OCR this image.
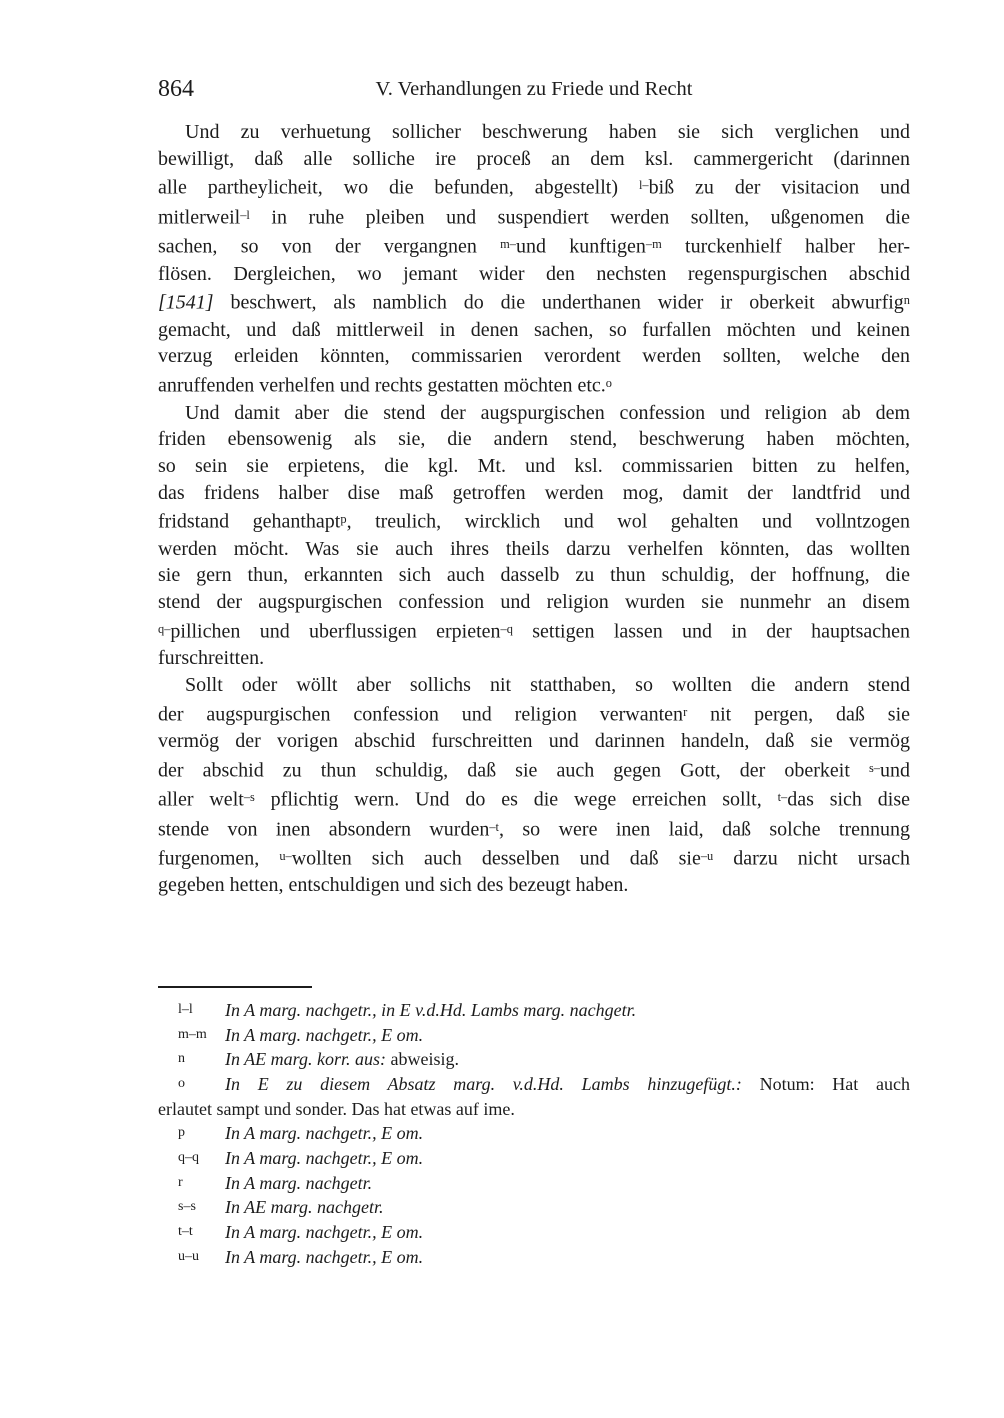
864	V. Verhandlungen zu Friede und Recht
Und zu verhuetung sollicher beschwerung haben sie sich verglichen und
bewilligt, daß alle solliche ire proceß an dem ksl. cammergericht (darinnen
alle partheylicheit, wo die befunden, abgestellt) $^{l-}$biß zu der visitacion und
mitlerweil$^{-l}$ in ruhe pleiben und suspendiert werden sollten, ußgenomen die
sachen, so von der vergangnen $^{m-}$und kunftigen$^{-m}$ turckenhielf halber her-
flösen. Dergleichen, wo jemant wider den nechsten regenspurgischen abschid
[1541] beschwert, als namblich do die underthanen wider ir oberkeit abwurfig$^n$
gemacht, und daß mittlerweil in denen sachen, so furfallen möchten und keinen
verzug erleiden könnten, commissarien verordent werden sollten, welche den
anruffenden verhelfen und rechts gestatten möchten etc.$^o$
Und damit aber die stend der augspurgischen confession und religion ab dem
friden ebensowenig als sie, die andern stend, beschwerung haben möchten,
so sein sie erpietens, die kgl. Mt. und ksl. commissarien bitten zu helfen,
das fridens halber dise maß getroffen werden mog, damit der landtfrid und
fridstand gehanthapt$^p$, treulich, wircklich und wol gehalten und vollntzogen
werden möcht. Was sie auch ihres theils darzu verhelfen könnten, das wollten
sie gern thun, erkannten sich auch dasselb zu thun schuldig, der hoffnung, die
stend der augspurgischen confession und religion wurden sie nunmehr an disem
$^{q-}$pillichen und uberflussigen erpieten$^{-q}$ settigen lassen und in der hauptsachen
furschreitten.
Sollt oder wöllt aber sollichs nit statthaben, so wollten die andern stend
der augspurgischen confession und religion verwanten$^r$ nit pergen, daß sie
vermög der vorigen abschid furschreitten und darinnen handeln, daß sie vermög
der abschid zu thun schuldig, daß sie auch gegen Gott, der oberkeit $^{s-}$und
aller welt$^{-s}$ pflichtig wern. Und do es die wege erreichen sollt, $^{t-}$das sich dise
stende von inen absondern wurden$^{-t}$, so were inen laid, daß solche trennung
furgenomen, $^{u-}$wollten sich auch desselben und daß sie$^{-u}$ darzu nicht ursach
gegeben hetten, entschuldigen und sich des bezeugt haben.
l–l In A marg. nachgetr., in E v.d.Hd. Lambs marg. nachgetr.
m–m In A marg. nachgetr., E om.
n In AE marg. korr. aus: abweisig.
o In E zu diesem Absatz marg. v.d.Hd. Lambs hinzugefügt.: Notum: Hat auch
erlautet sampt und sonder. Das hat etwas auf ime.
p In A marg. nachgetr., E om.
q–q In A marg. nachgetr., E om.
r In A marg. nachgetr.
s–s In AE marg. nachgetr.
t–t In A marg. nachgetr., E om.
u–u In A marg. nachgetr., E om.
